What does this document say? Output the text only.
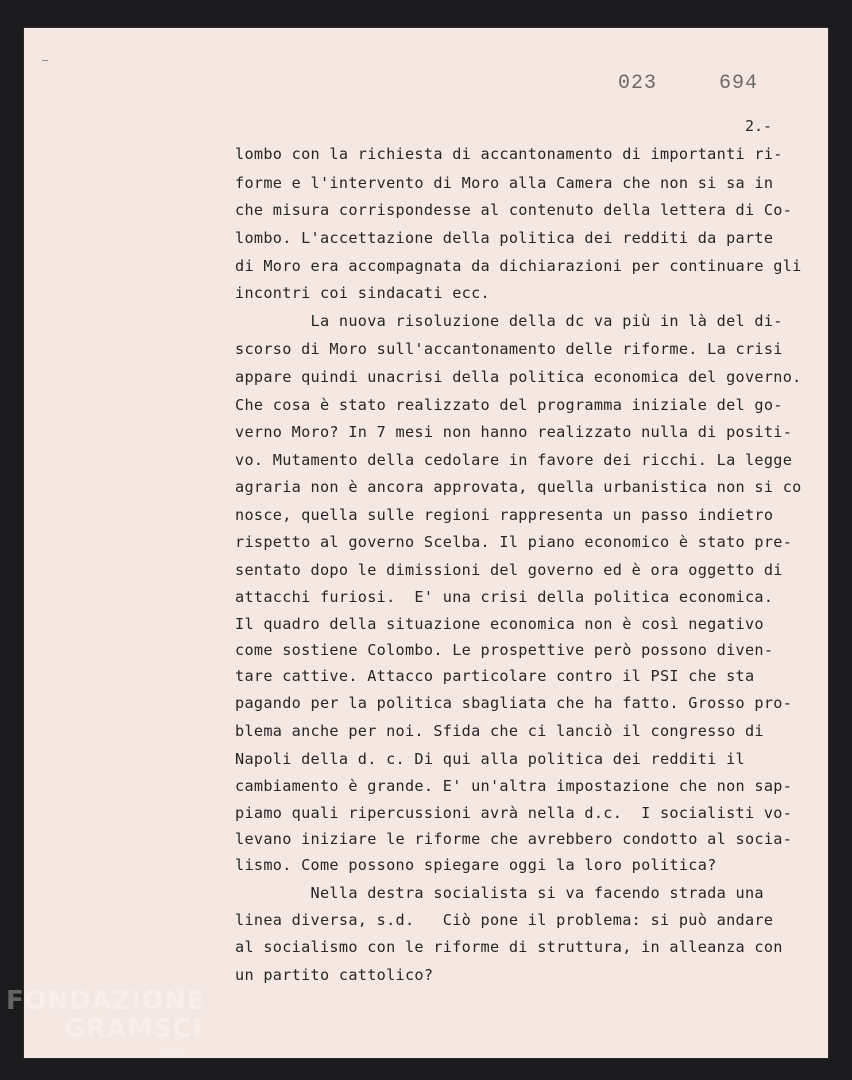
023  694
2.-
lombo con la richiesta di accantonamento di importanti ri-
forme e l'intervento di Moro alla Camera che non si sa in
che misura corrispondesse al contenuto della lettera di Co-
lombo. L'accettazione della politica dei redditi da parte
di Moro era accompagnata da dichiarazioni per continuare gli
incontri coi sindacati ecc.
La nuova risoluzione della dc va più in là del di-
scorso di Moro sull'accantonamento delle riforme. La crisi
appare quindi unacrisi della politica economica del governo.
Che cosa è stato realizzato del programma iniziale del go-
verno Moro? In 7 mesi non hanno realizzato nulla di positi-
vo. Mutamento della cedolare in favore dei ricchi. La legge
agraria non è ancora approvata, quella urbanistica non si co
nosce, quella sulle regioni rappresenta un passo indietro
rispetto al governo Scelba. Il piano economico è stato pre-
sentato dopo le dimissioni del governo ed è ora oggetto di
attacchi furiosi.  E' una crisi della politica economica.
Il quadro della situazione economica non è così negativo
come sostiene Colombo. Le prospettive però possono diven-
tare cattive. Attacco particolare contro il PSI che sta
pagando per la politica sbagliata che ha fatto. Grosso pro-
blema anche per noi. Sfida che ci lanciò il congresso di
Napoli della d. c. Di qui alla politica dei redditi il
cambiamento è grande. E' un'altra impostazione che non sap-
piamo quali ripercussioni avrà nella d.c.  I socialisti vo-
levano iniziare le riforme che avrebbero condotto al socia-
lismo. Come possono spiegare oggi la loro politica?
Nella destra socialista si va facendo strada una
linea diversa, s.d.   Ciò pone il problema: si può andare
al socialismo con le riforme di struttura, in alleanza con
un partito cattolico?
FONDAZIONE
GRAMSCI
onlus
